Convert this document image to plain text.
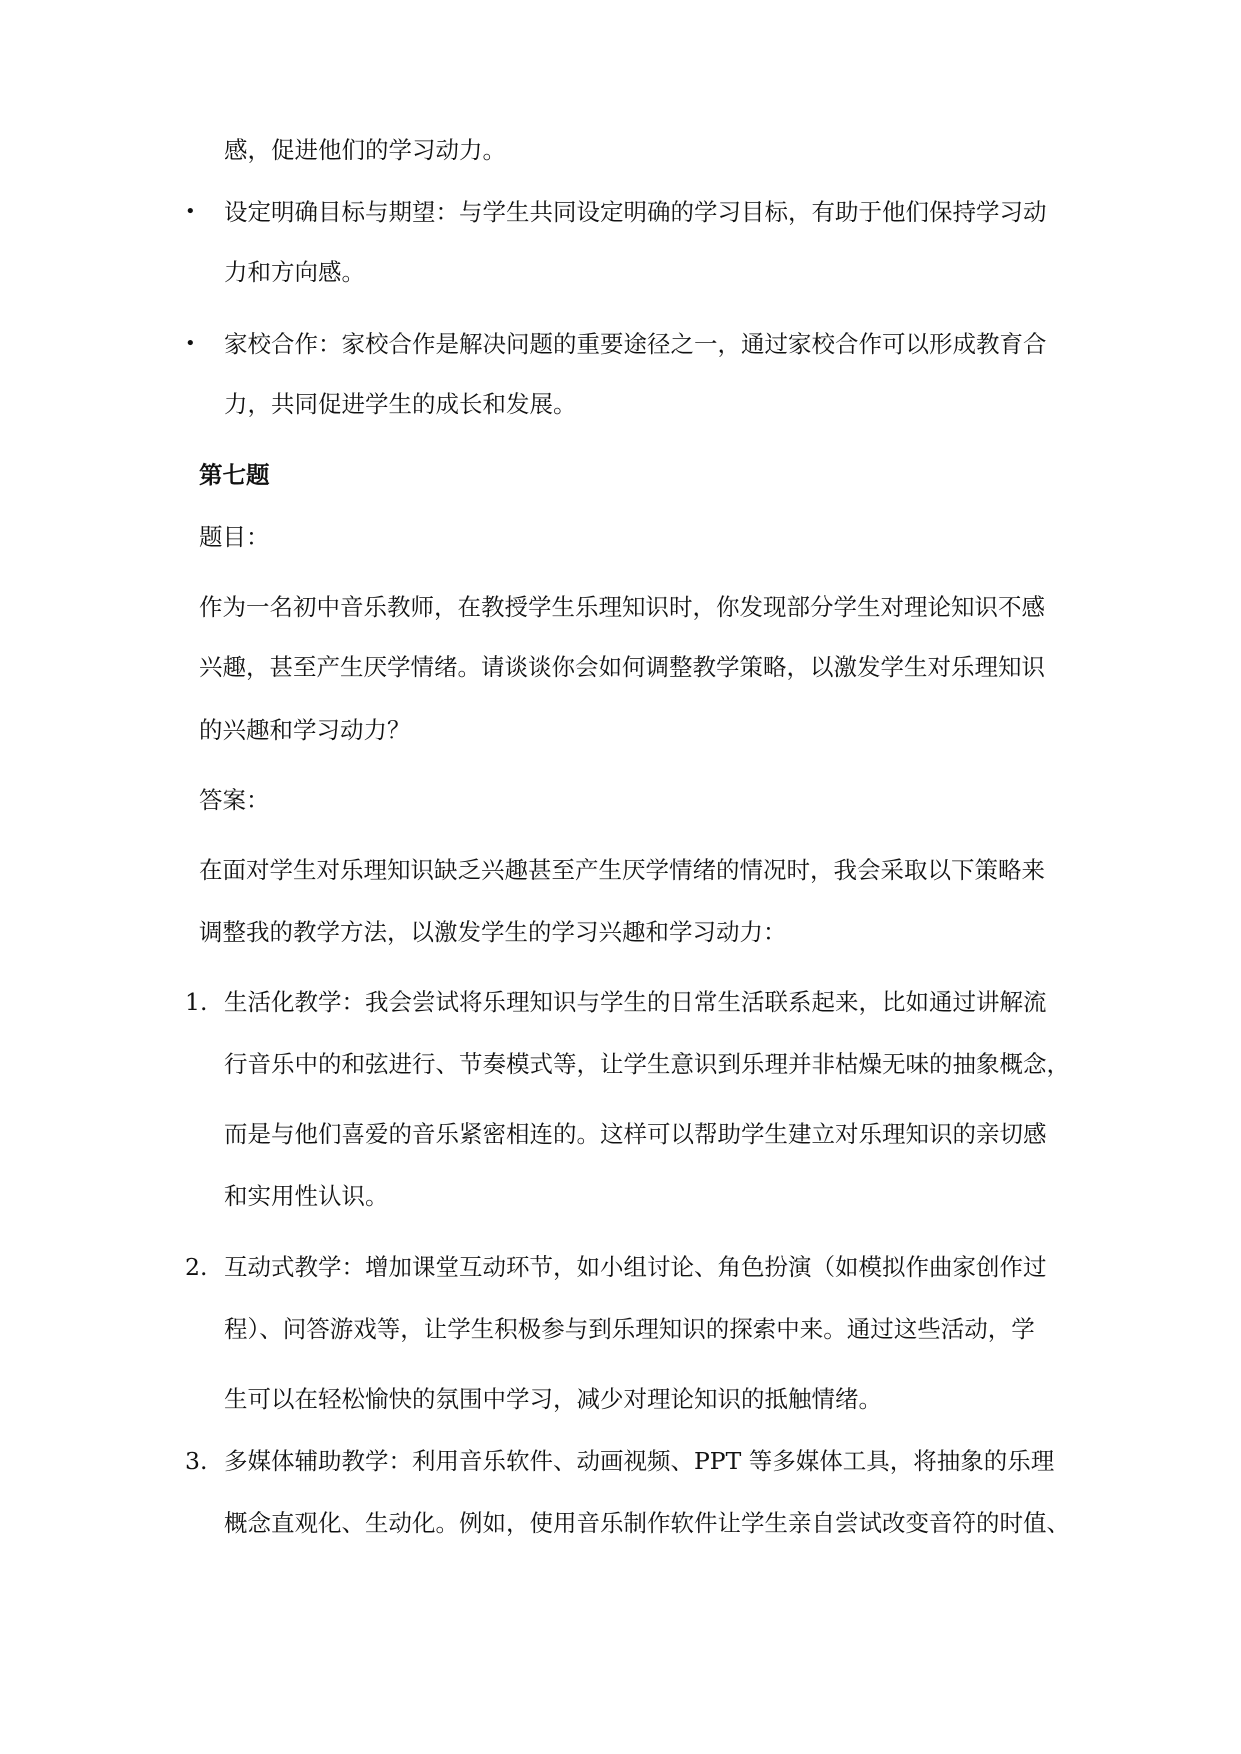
感，促进他们的学习动力。

• 设定明确目标与期望：与学生共同设定明确的学习目标，有助于他们保持学习动

力和方向感。

• 家校合作：家校合作是解决问题的重要途径之一，通过家校合作可以形成教育合

力，共同促进学生的成长和发展。

第七题

题目：

作为一名初中音乐教师，在教授学生乐理知识时，你发现部分学生对理论知识不感

兴趣，甚至产生厌学情绪。请谈谈你会如何调整教学策略，以激发学生对乐理知识

的兴趣和学习动力？

答案：

在面对学生对乐理知识缺乏兴趣甚至产生厌学情绪的情况时，我会采取以下策略来

调整我的教学方法，以激发学生的学习兴趣和学习动力：

1. 生活化教学：我会尝试将乐理知识与学生的日常生活联系起来，比如通过讲解流

行音乐中的和弦进行、节奏模式等，让学生意识到乐理并非枯燥无味的抽象概念，

而是与他们喜爱的音乐紧密相连的。这样可以帮助学生建立对乐理知识的亲切感

和实用性认识。

2. 互动式教学：增加课堂互动环节，如小组讨论、角色扮演（如模拟作曲家创作过

程）、问答游戏等，让学生积极参与到乐理知识的探索中来。通过这些活动，学

生可以在轻松愉快的氛围中学习，减少对理论知识的抵触情绪。

3. 多媒体辅助教学：利用音乐软件、动画视频、PPT 等多媒体工具，将抽象的乐理

概念直观化、生动化。例如，使用音乐制作软件让学生亲自尝试改变音符的时值、
